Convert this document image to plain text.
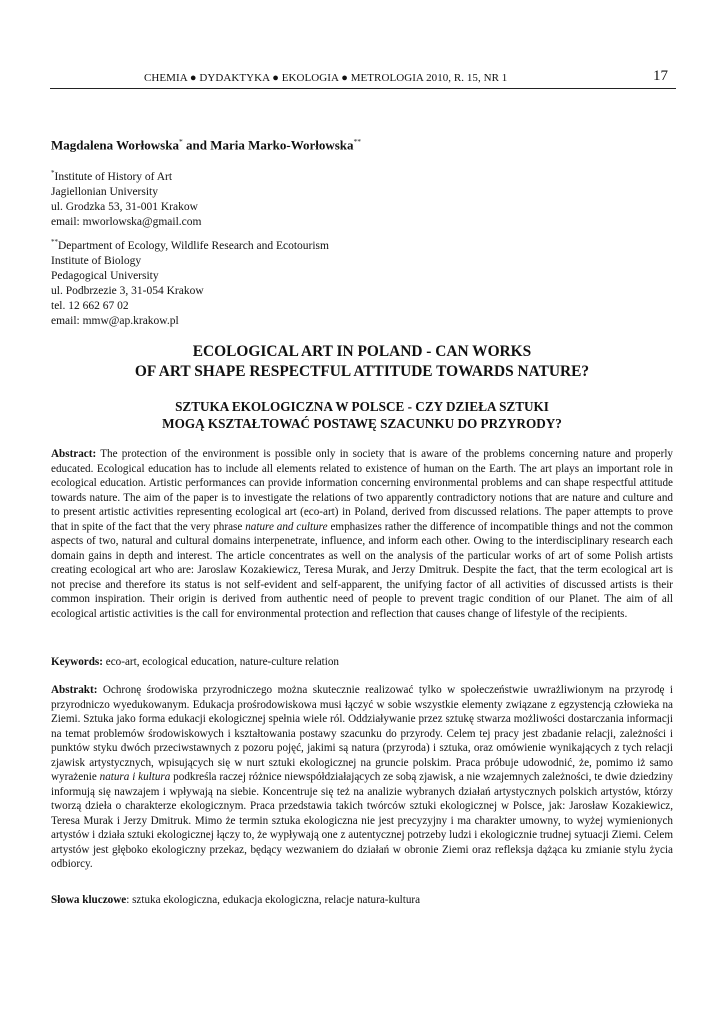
CHEMIA ● DYDAKTYKA ● EKOLOGIA ● METROLOGIA 2010, R. 15, NR 1	17
Magdalena Worłowska* and Maria Marko-Worłowska**
*Institute of History of Art
Jagiellonian University
ul. Grodzka 53, 31-001 Krakow
email: mworlowska@gmail.com
**Department of Ecology, Wildlife Research and Ecotourism
Institute of Biology
Pedagogical University
ul. Podbrzezie 3, 31-054 Krakow
tel. 12 662 67 02
email: mmw@ap.krakow.pl
ECOLOGICAL ART IN POLAND - CAN WORKS
OF ART SHAPE RESPECTFUL ATTITUDE TOWARDS NATURE?
SZTUKA EKOLOGICZNA W POLSCE - CZY DZIEŁA SZTUKI
MOGĄ KSZTAŁTOWAĆ POSTAWĘ SZACUNKU DO PRZYRODY?
Abstract: The protection of the environment is possible only in society that is aware of the problems concerning nature and properly educated. Ecological education has to include all elements related to existence of human on the Earth. The art plays an important role in ecological education. Artistic performances can provide information concerning environmental problems and can shape respectful attitude towards nature. The aim of the paper is to investigate the relations of two apparently contradictory notions that are nature and culture and to present artistic activities representing ecological art (eco-art) in Poland, derived from discussed relations. The paper attempts to prove that in spite of the fact that the very phrase nature and culture emphasizes rather the difference of incompatible things and not the common aspects of two, natural and cultural domains interpenetrate, influence, and inform each other. Owing to the interdisciplinary research each domain gains in depth and interest. The article concentrates as well on the analysis of the particular works of art of some Polish artists creating ecological art who are: Jaroslaw Kozakiewicz, Teresa Murak, and Jerzy Dmitruk. Despite the fact, that the term ecological art is not precise and therefore its status is not self-evident and self-apparent, the unifying factor of all activities of discussed artists is their common inspiration. Their origin is derived from authentic need of people to prevent tragic condition of our Planet. The aim of all ecological artistic activities is the call for environmental protection and reflection that causes change of lifestyle of the recipients.
Keywords: eco-art, ecological education, nature-culture relation
Abstrakt: Ochronę środowiska przyrodniczego można skutecznie realizować tylko w społeczeństwie uwrażliwionym na przyrodę i przyrodniczo wyedukowanym. Edukacja prośrodowiskowa musi łączyć w sobie wszystkie elementy związane z egzystencją człowieka na Ziemi. Sztuka jako forma edukacji ekologicznej spełnia wiele ról. Oddziaływanie przez sztukę stwarza możliwości dostarczania informacji na temat problemów środowiskowych i kształtowania postawy szacunku do przyrody. Celem tej pracy jest zbadanie relacji, zależności i punktów styku dwóch przeciwstawnych z pozoru pojęć, jakimi są natura (przyroda) i sztuka, oraz omówienie wynikających z tych relacji zjawisk artystycznych, wpisujących się w nurt sztuki ekologicznej na gruncie polskim. Praca próbuje udowodnić, że, pomimo iż samo wyrażenie natura i kultura podkreśla raczej różnice niewspółdziałających ze sobą zjawisk, a nie wzajemnych zależności, te dwie dziedziny informują się nawzajem i wpływają na siebie. Koncentruje się też na analizie wybranych działań artystycznych polskich artystów, którzy tworzą dzieła o charakterze ekologicznym. Praca przedstawia takich twórców sztuki ekologicznej w Polsce, jak: Jarosław Kozakiewicz, Teresa Murak i Jerzy Dmitruk. Mimo że termin sztuka ekologiczna nie jest precyzyjny i ma charakter umowny, to wyżej wymienionych artystów i działa sztuki ekologicznej łączy to, że wypływają one z autentycznej potrzeby ludzi i ekologicznie trudnej sytuacji Ziemi. Celem artystów jest głęboko ekologiczny przekaz, będący wezwaniem do działań w obronie Ziemi oraz refleksja dążąca ku zmianie stylu życia odbiorcy.
Słowa kluczowe: sztuka ekologiczna, edukacja ekologiczna, relacje natura-kultura
